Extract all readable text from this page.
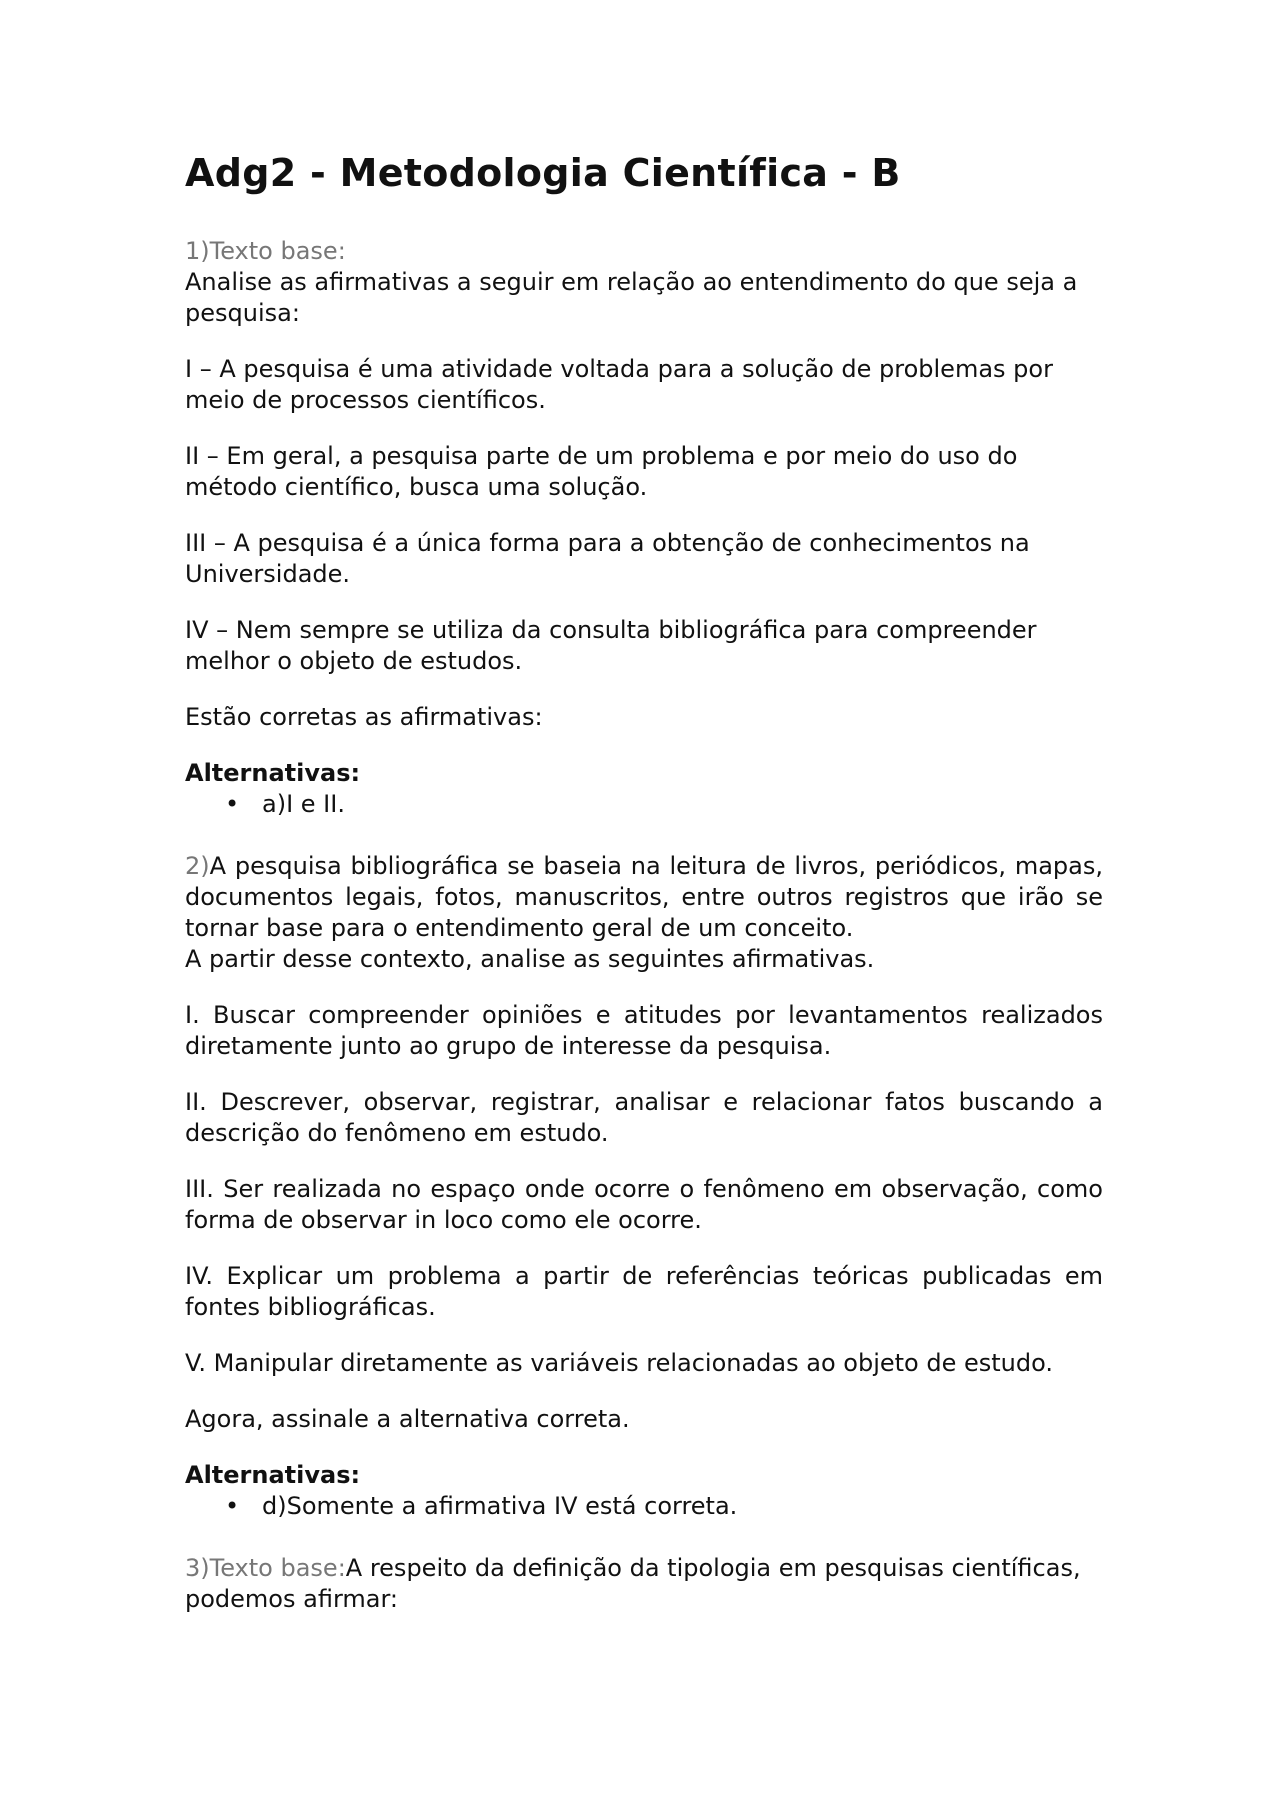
Adg2 - Metodologia Científica - B

1)Texto base:
Analise as afirmativas a seguir em relação ao entendimento do que seja a pesquisa:

I – A pesquisa é uma atividade voltada para a solução de problemas por meio de processos científicos.

II – Em geral, a pesquisa parte de um problema e por meio do uso do método científico, busca uma solução.

III – A pesquisa é a única forma para a obtenção de conhecimentos na Universidade.

IV – Nem sempre se utiliza da consulta bibliográfica para compreender melhor o objeto de estudos.

Estão corretas as afirmativas:

Alternativas:

• a)I e II.

2)A pesquisa bibliográfica se baseia na leitura de livros, periódicos, mapas, documentos legais, fotos, manuscritos, entre outros registros que irão se tornar base para o entendimento geral de um conceito.

A partir desse contexto, analise as seguintes afirmativas.

I. Buscar compreender opiniões e atitudes por levantamentos realizados diretamente junto ao grupo de interesse da pesquisa.

II. Descrever, observar, registrar, analisar e relacionar fatos buscando a descrição do fenômeno em estudo.

III. Ser realizada no espaço onde ocorre o fenômeno em observação, como forma de observar in loco como ele ocorre.

IV. Explicar um problema a partir de referências teóricas publicadas em fontes bibliográficas.

V. Manipular diretamente as variáveis relacionadas ao objeto de estudo.

Agora, assinale a alternativa correta.

Alternativas:

• d)Somente a afirmativa IV está correta.

3)Texto base:A respeito da definição da tipologia em pesquisas científicas, podemos afirmar:
